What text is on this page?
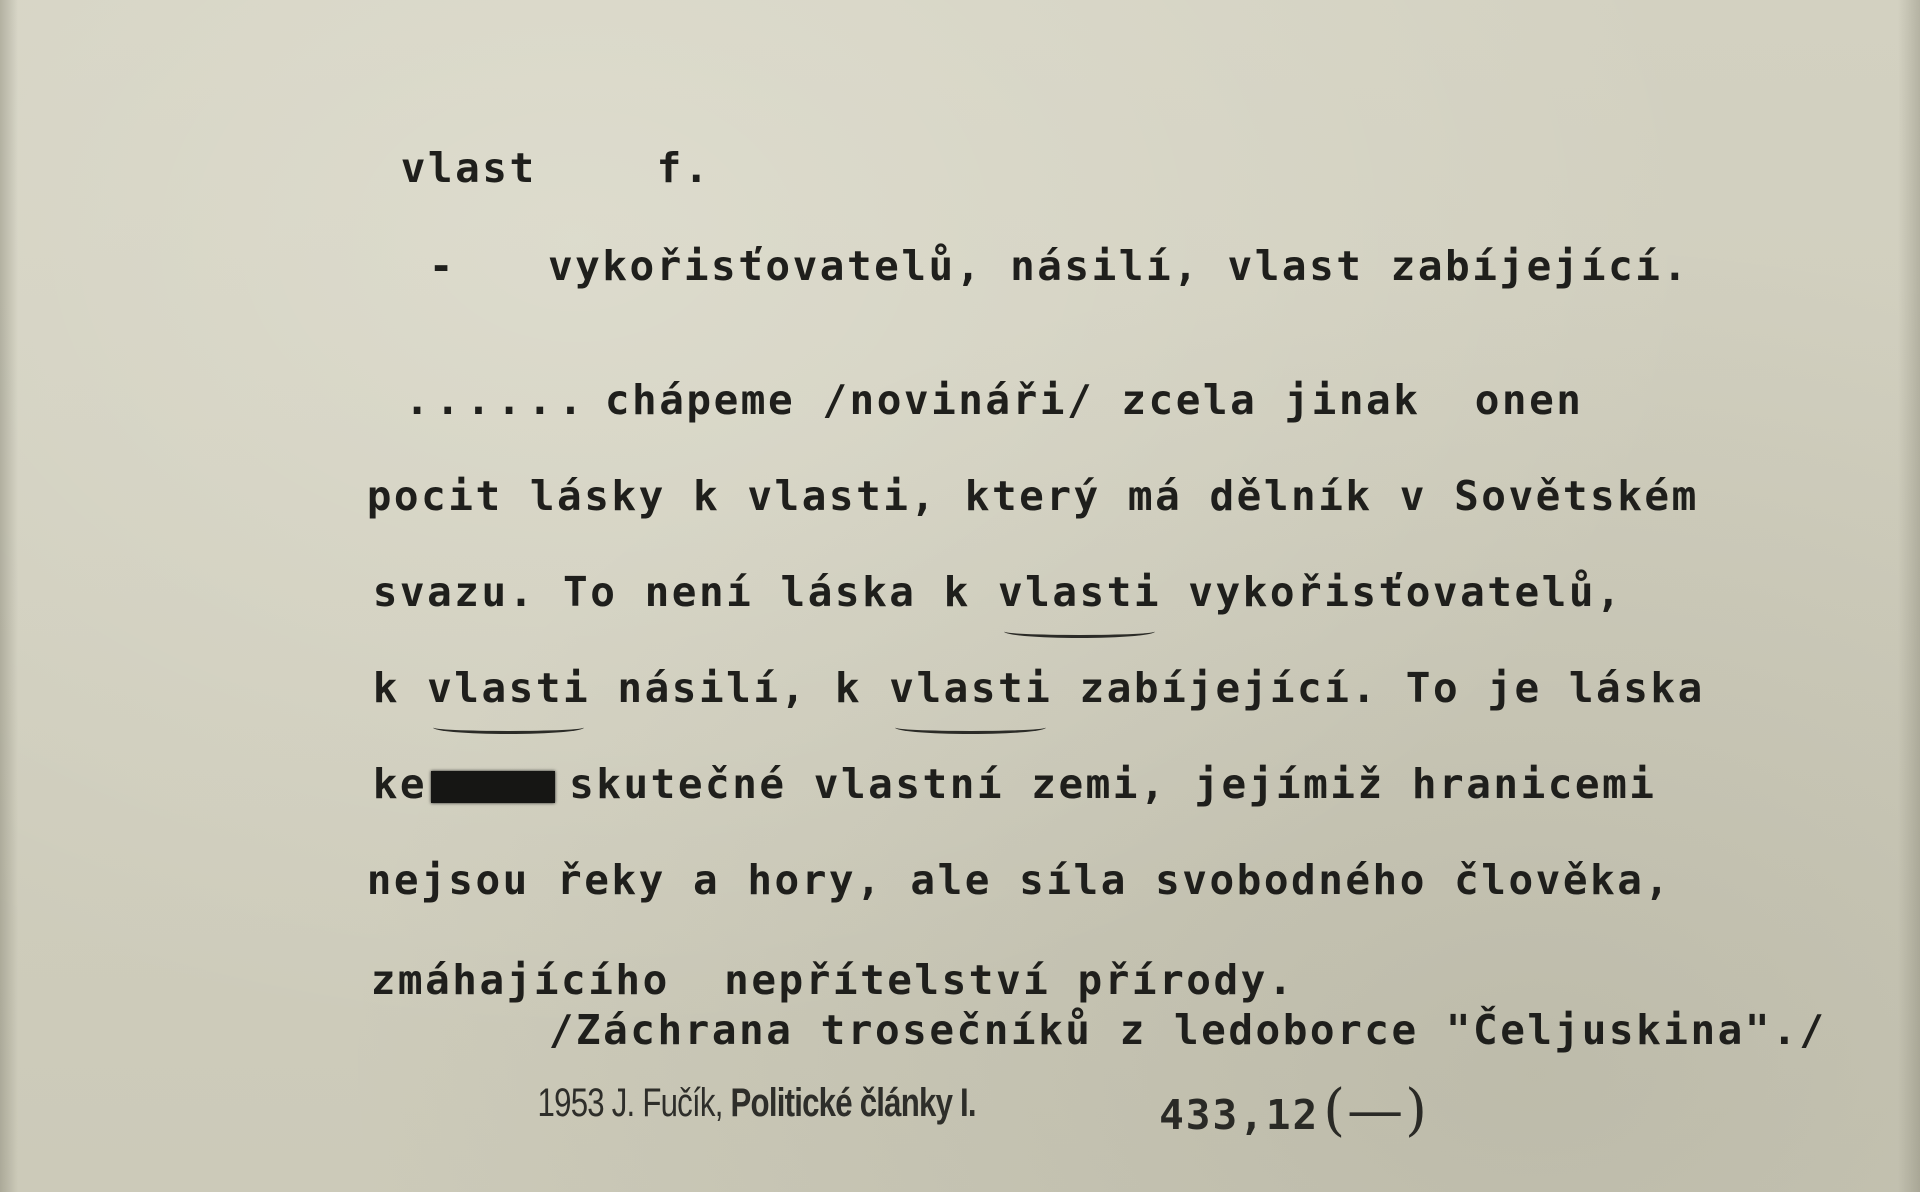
vlast	f.

- vykořisťovatelů, násilí, vlast zabíjející.

...... chápeme /novináři/ zcela jinak  onen

pocit lásky k vlasti, který má dělník v Sovětském

svazu. To není láska k vlasti vykořisťovatelů,

k vlasti násilí, k vlasti zabíjející. To je láska

ke	skutečné vlastní zemi, jejímiž hranicemi

nejsou řeky a hory, ale síla svobodného člověka,

zmáhajícího  nepřítelství přírody.

/Záchrana trosečníků z ledoborce "Čeljuskina"./

1953 J. Fučík, Politické články I.
	433,12(—)
